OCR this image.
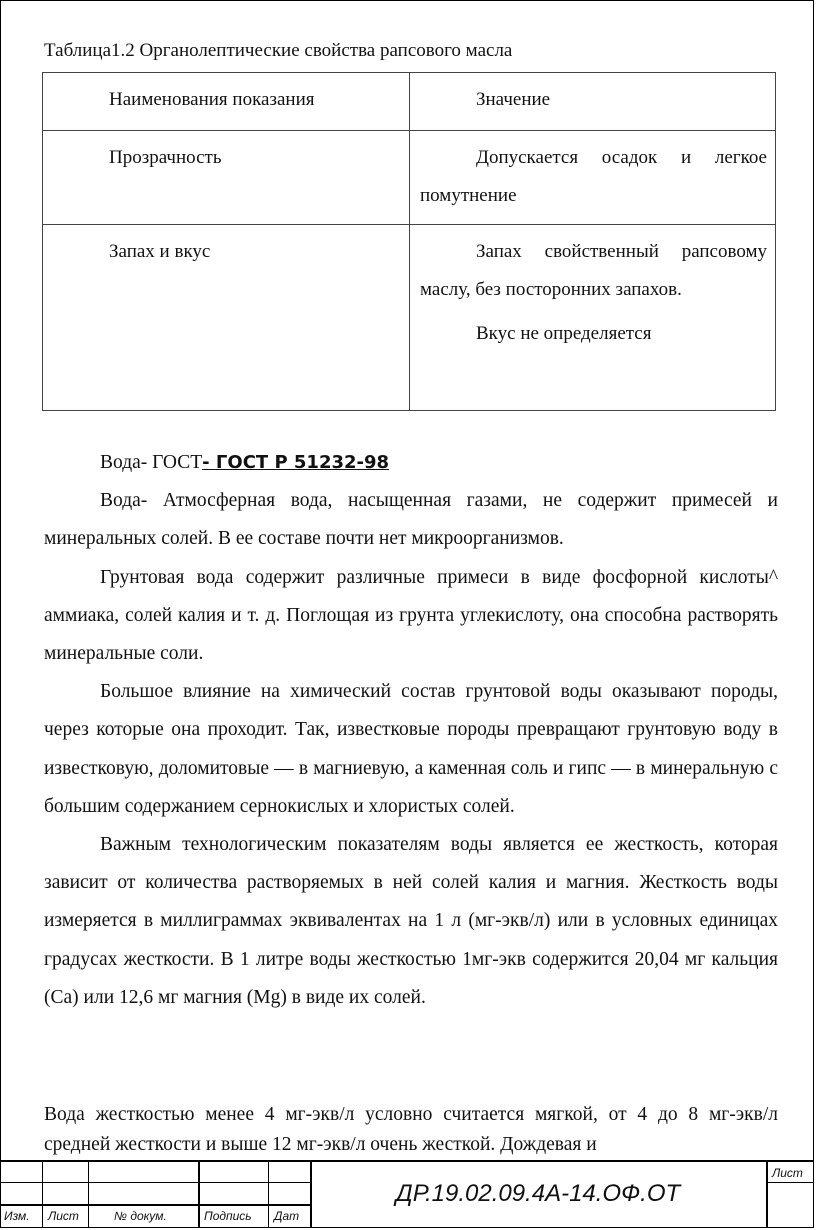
Таблица1.2 Органолептические свойства рапсового масла
Наименования показания	Значение

Прозрачность	Допускается осадок и легкое помутнение

Запах и вкус	Запах свойственный рапсовому маслу, без посторонних запахов.

Вкус не определяется

Вода- ГОСТ- ГОСТ Р 51232-98

Вода- Атмосферная вода, насыщенная газами, не содержит примесей и минеральных солей. В ее составе почти нет микроорганизмов.

Грунтовая вода содержит различные примеси в виде фосфорной кислоты^ аммиака, солей калия и т. д. Поглощая из грунта углекислоту, она способна растворять минеральные соли.

Большое влияние на химический состав грунтовой воды оказывают породы, через которые она проходит. Так, известковые породы превращают грунтовую воду в известковую, доломитовые — в магниевую, а каменная соль и гипс — в минеральную с большим содержанием сернокислых и хлористых солей.

Важным технологическим показателям воды является ее жесткость, которая зависит от количества растворяемых в ней солей калия и магния. Жесткость воды измеряется в миллиграммах эквивалентах на 1 л (мг-экв/л) или в условных единицах градусах жесткости. В 1 литре воды жесткостью 1мг-экв содержится 20,04 мг кальция (Са) или 12,6 мг магния (Mg) в виде их солей.

Вода жесткостью менее 4 мг-экв/л условно считается мягкой, от 4 до 8 мг-экв/л средней жесткости и выше 12 мг-экв/л очень жесткой. Дождевая и

Изм. Лист	№ докум.	Подпись Дат
Лист
ДР.19.02.09.4А-14.ОФ.ОТ
